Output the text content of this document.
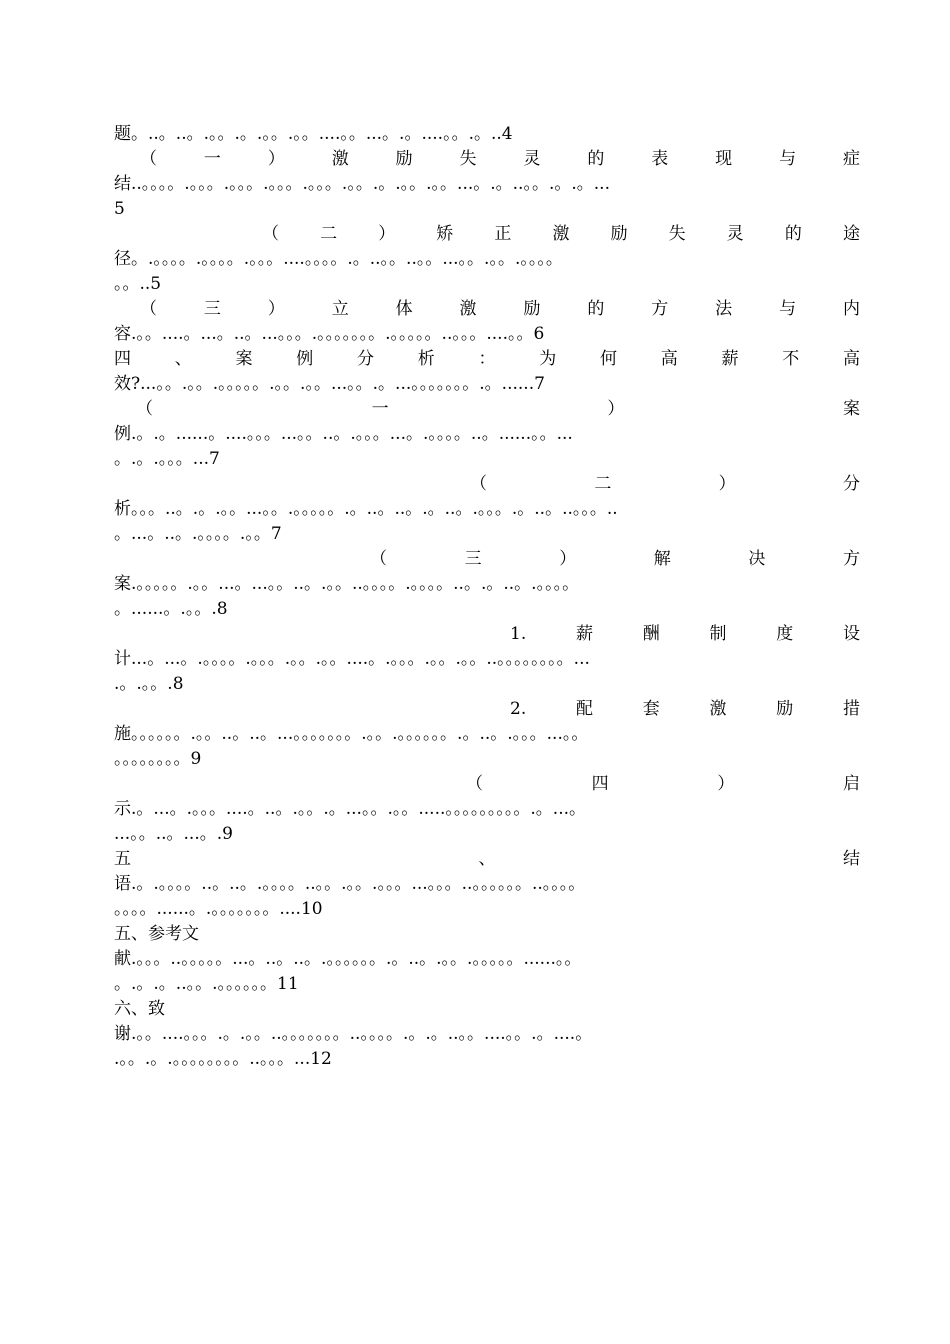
题。..。..。.。。.。.。。.。。....。。...。.。....。。.。..4
（	一	）	激	励	失	灵	的	表	现	与	症
结..。。。。.。。。.。。。.。。。.。。。.。。.。.。。.。。...。.。..。。.。.。...
5
（ 二 ） 矫 正 激 励 失 灵 的 途
径。.。。。。.。。。。.。。。....。。。。.。..。。..。。...。。.。。.。。。。
。。..5
（	三	）	立	体	激	励	的	方	法	与	内
容.。。....。...。..。...。。。.。。。。。。。.。。。。。..。。。....。。6
四	、	案	例	分	析	：	为	何	高	薪	不	高
效?...。。.。。.。。。。。.。。.。。...。。.。...。。。。。。。.。......7
（	一	）	案
例.。.。......。....。。。...。。..。.。。。...。.。。。。..。......。。...
。.。.。。。...7
（	二	）	分
析。。。..。.。.。。...。。.。。。。。.。..。..。.。..。.。。。.。..。..。。。..
。...。..。.。。。。.。。7
（	三	）	解	决	方
案.。。。。。.。。...。...。。..。.。。..。。。。.。。。。..。.。..。.。。。。
。......。.。。.8
1.	薪	酬	制	度	设
计...。...。.。。。。.。。。.。。.。。....。.。。。.。。.。。..。。。。。。。。...
.。.。。.8
2.	配	套	激	励	措
施。。。。。。.。。..。..。...。。。。。。。.。。.。。。。。。.。..。.。。。...。。
。。。。。。。。9
（	四	）	启
示.。...。.。。。....。..。.。。.。...。。.。。.....。。。。。。。。。.。...。
...。。..。...。.9
五	、	结
语.。.。。。。..。..。.。。。。..。。.。。.。。。...。。。..。。。。。。..。。。。
。。。。......。.。。。。。。。....10
五、参考文
献.。。。..。。。。。...。..。..。.。。。。。。.。..。.。。.。。。。。......。。
。.。.。..。。.。。。。。。11
六、致
谢.。。....。。。.。.。。..。。。。。。。..。。。。.。.。..。。....。。.。....。
.。。.。.。。。。。。。。..。。。...12
